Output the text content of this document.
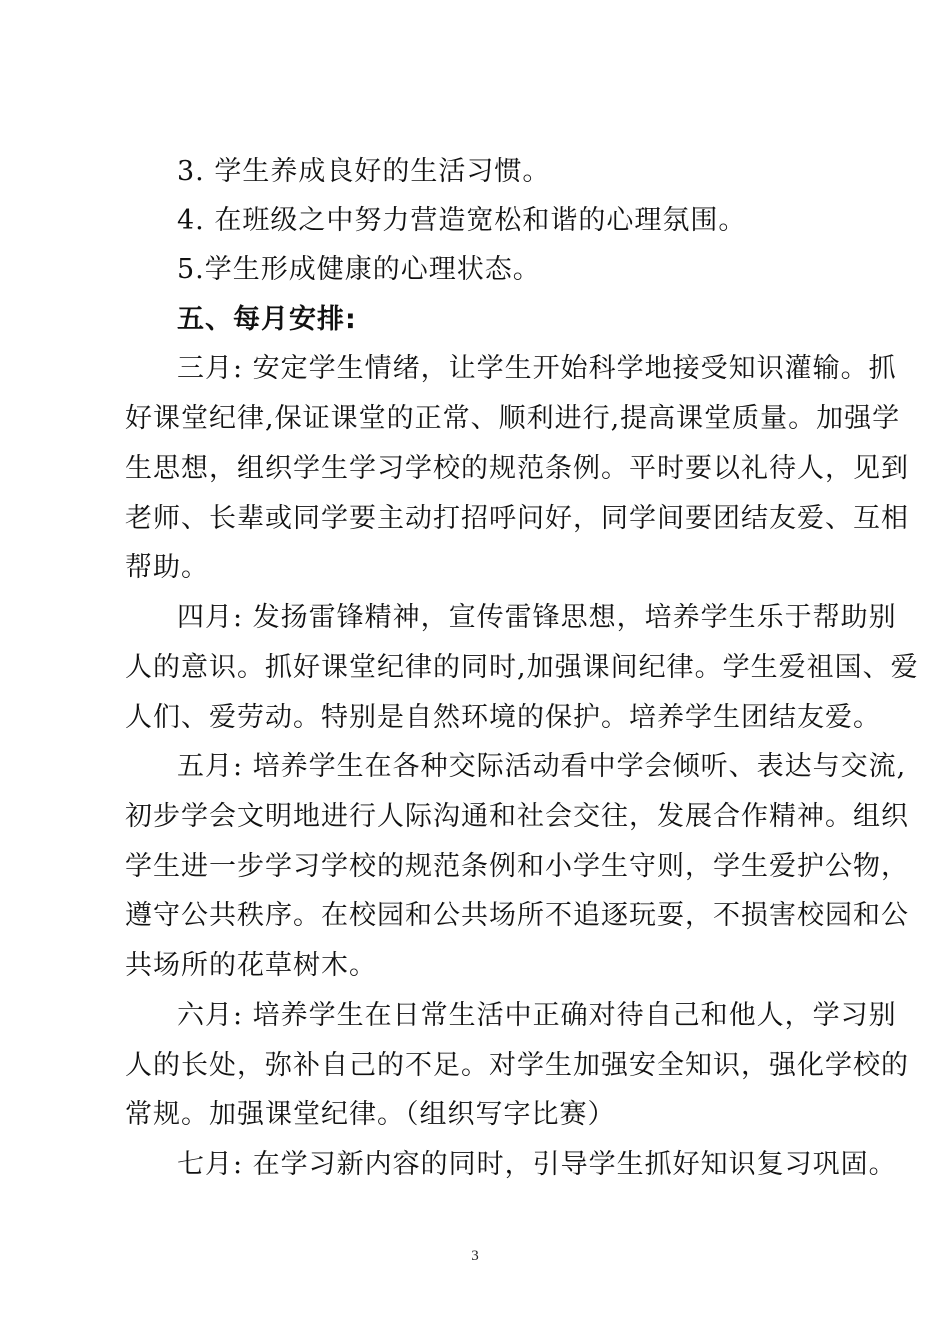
3. 学生养成良好的生活习惯。
4. 在班级之中努力营造宽松和谐的心理氛围。
5.学生形成健康的心理状态。
五、每月安排:
三月: 安定学生情绪，让学生开始科学地接受知识灌输。抓
好课堂纪律,保证课堂的正常、顺利进行,提高课堂质量。加强学
生思想，组织学生学习学校的规范条例。平时要以礼待人，见到
老师、长辈或同学要主动打招呼问好，同学间要团结友爱、互相
帮助。
四月: 发扬雷锋精神，宣传雷锋思想，培养学生乐于帮助别
人的意识。抓好课堂纪律的同时,加强课间纪律。学生爱祖国、爱
人们、爱劳动。特别是自然环境的保护。培养学生团结友爱。
五月: 培养学生在各种交际活动看中学会倾听、表达与交流,
初步学会文明地进行人际沟通和社会交往，发展合作精神。组织
学生进一步学习学校的规范条例和小学生守则，学生爱护公物，
遵守公共秩序。在校园和公共场所不追逐玩耍，不损害校园和公
共场所的花草树木。
六月: 培养学生在日常生活中正确对待自己和他人，学习别
人的长处，弥补自己的不足。对学生加强安全知识，强化学校的
常规。加强课堂纪律。（组织写字比赛）
七月: 在学习新内容的同时，引导学生抓好知识复习巩固。
3
